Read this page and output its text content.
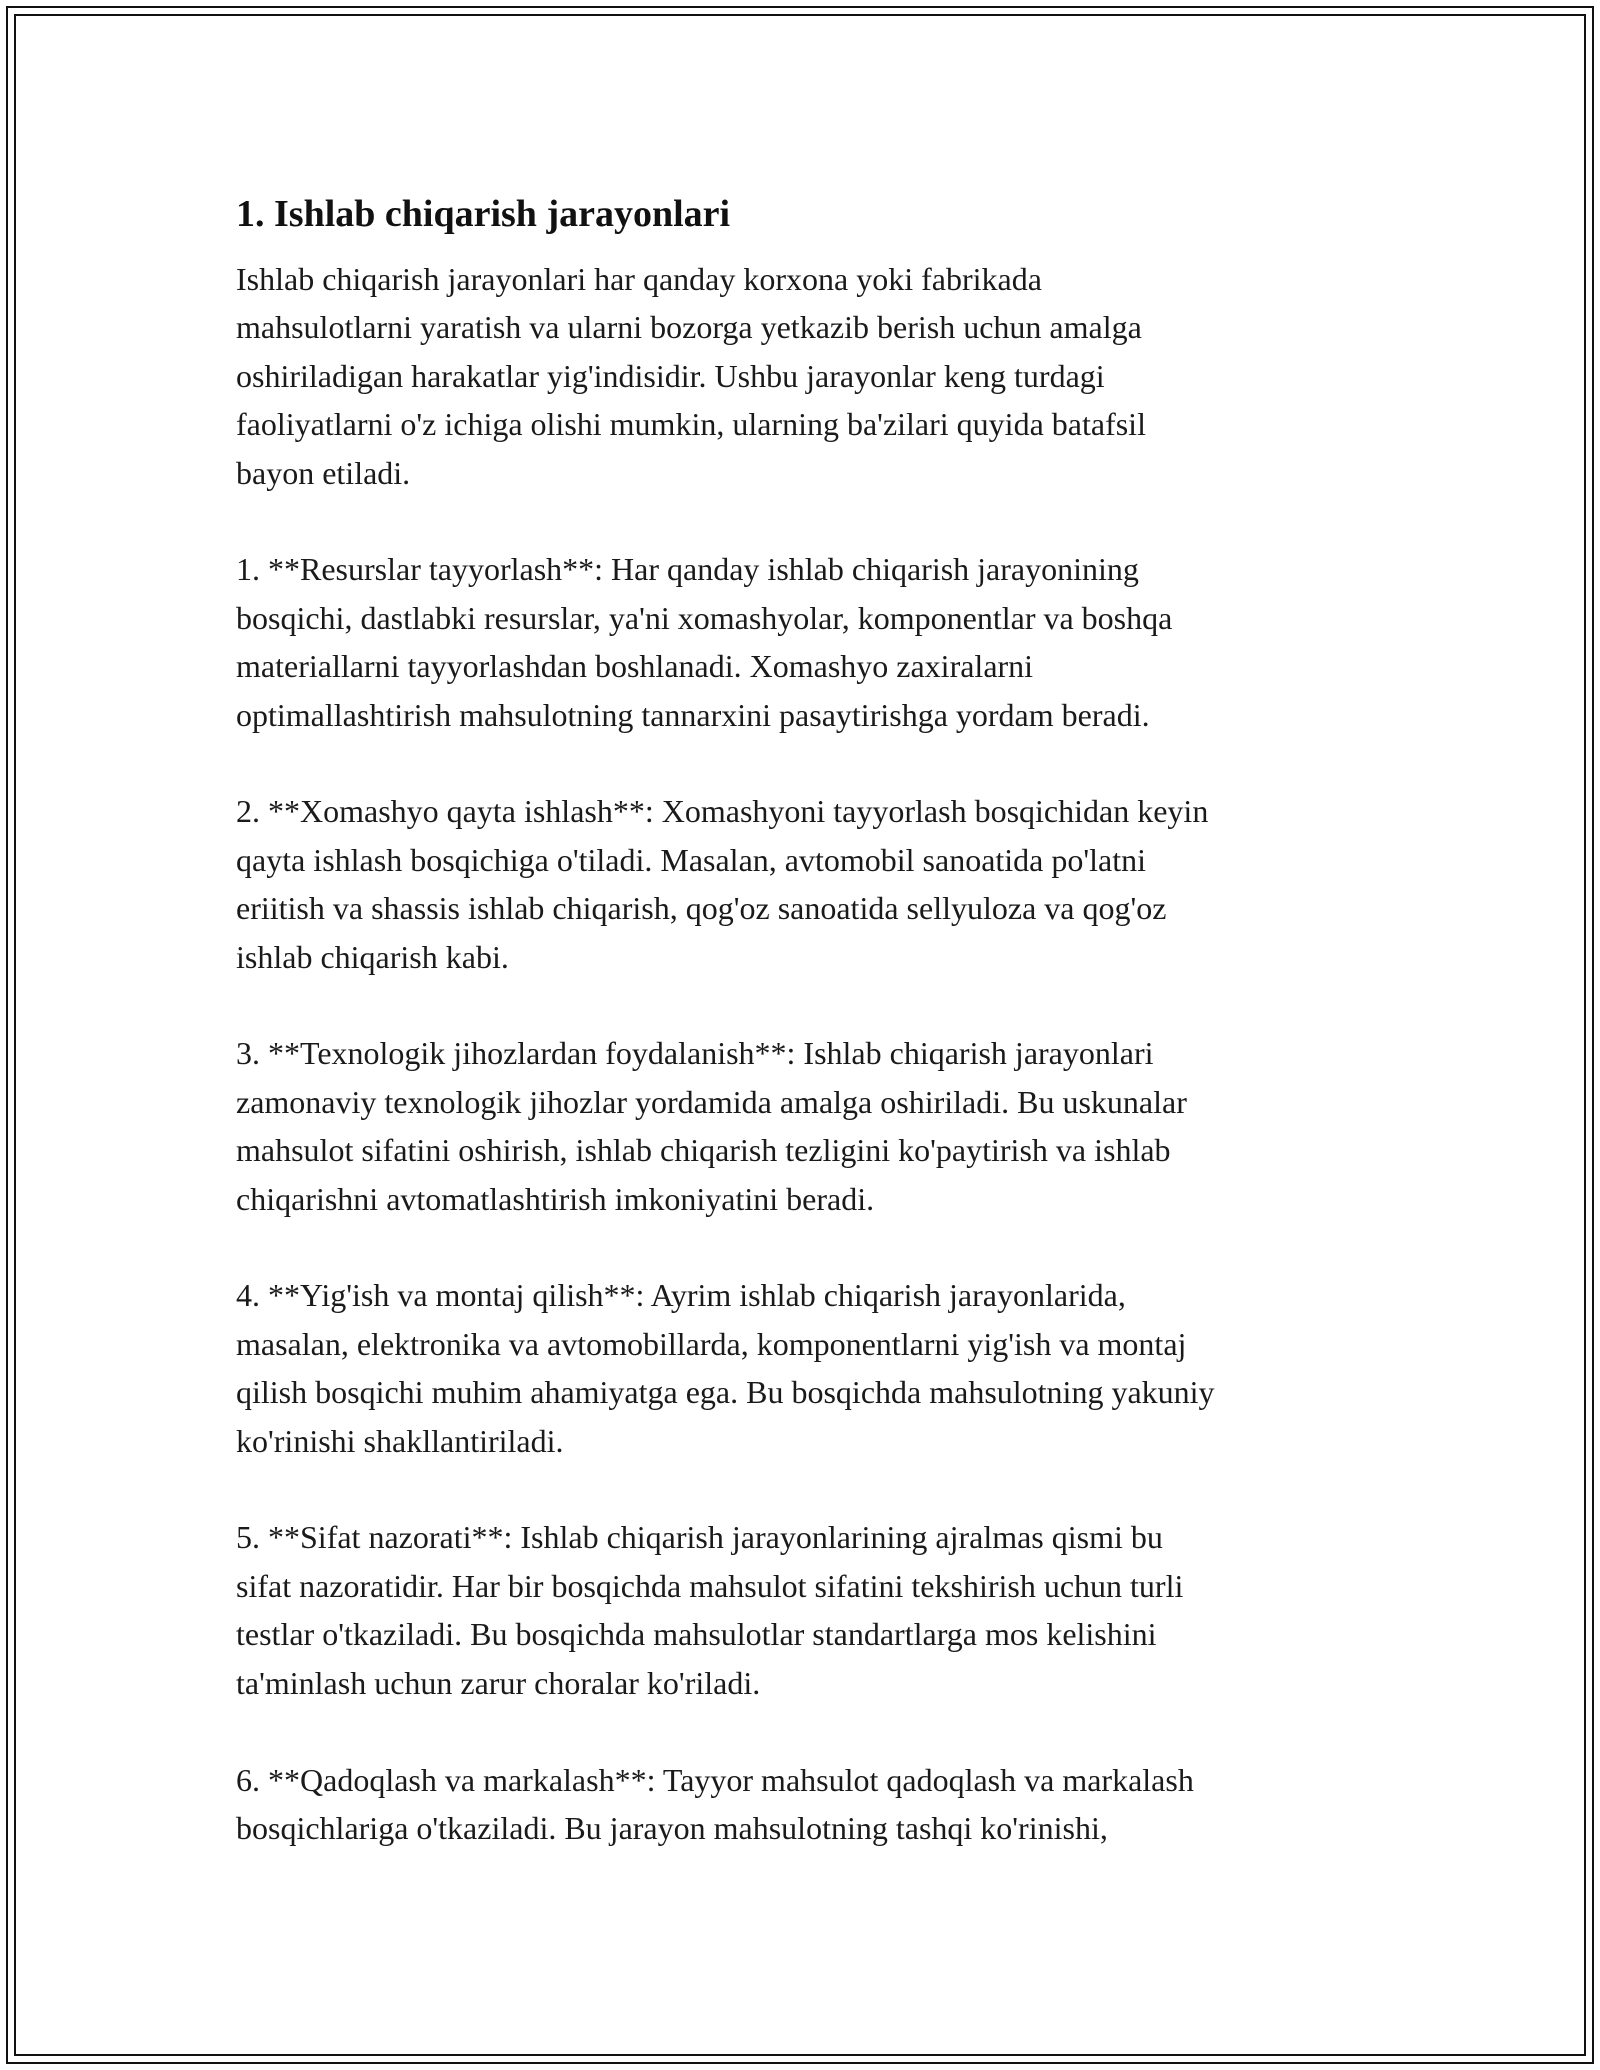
1. Ishlab chiqarish jarayonlari

Ishlab chiqarish jarayonlari har qanday korxona yoki fabrikada
mahsulotlarni yaratish va ularni bozorga yetkazib berish uchun amalga
oshiriladigan harakatlar yig'indisidir. Ushbu jarayonlar keng turdagi
faoliyatlarni o'z ichiga olishi mumkin, ularning ba'zilari quyida batafsil
bayon etiladi.

1. **Resurslar tayyorlash**: Har qanday ishlab chiqarish jarayonining
bosqichi, dastlabki resurslar, ya'ni xomashyolar, komponentlar va boshqa
materiallarni tayyorlashdan boshlanadi. Xomashyo zaxiralarni
optimallashtirish mahsulotning tannarxini pasaytirishga yordam beradi.

2. **Xomashyo qayta ishlash**: Xomashyoni tayyorlash bosqichidan keyin
qayta ishlash bosqichiga o'tiladi. Masalan, avtomobil sanoatida po'latni
eriitish va shassis ishlab chiqarish, qog'oz sanoatida sellyuloza va qog'oz
ishlab chiqarish kabi.

3. **Texnologik jihozlardan foydalanish**: Ishlab chiqarish jarayonlari
zamonaviy texnologik jihozlar yordamida amalga oshiriladi. Bu uskunalar
mahsulot sifatini oshirish, ishlab chiqarish tezligini ko'paytirish va ishlab
chiqarishni avtomatlashtirish imkoniyatini beradi.

4. **Yig'ish va montaj qilish**: Ayrim ishlab chiqarish jarayonlarida,
masalan, elektronika va avtomobillarda, komponentlarni yig'ish va montaj
qilish bosqichi muhim ahamiyatga ega. Bu bosqichda mahsulotning yakuniy
ko'rinishi shakllantiriladi.

5. **Sifat nazorati**: Ishlab chiqarish jarayonlarining ajralmas qismi bu
sifat nazoratidir. Har bir bosqichda mahsulot sifatini tekshirish uchun turli
testlar o'tkaziladi. Bu bosqichda mahsulotlar standartlarga mos kelishini
ta'minlash uchun zarur choralar ko'riladi.

6. **Qadoqlash va markalash**: Tayyor mahsulot qadoqlash va markalash
bosqichlariga o'tkaziladi. Bu jarayon mahsulotning tashqi ko'rinishi,
